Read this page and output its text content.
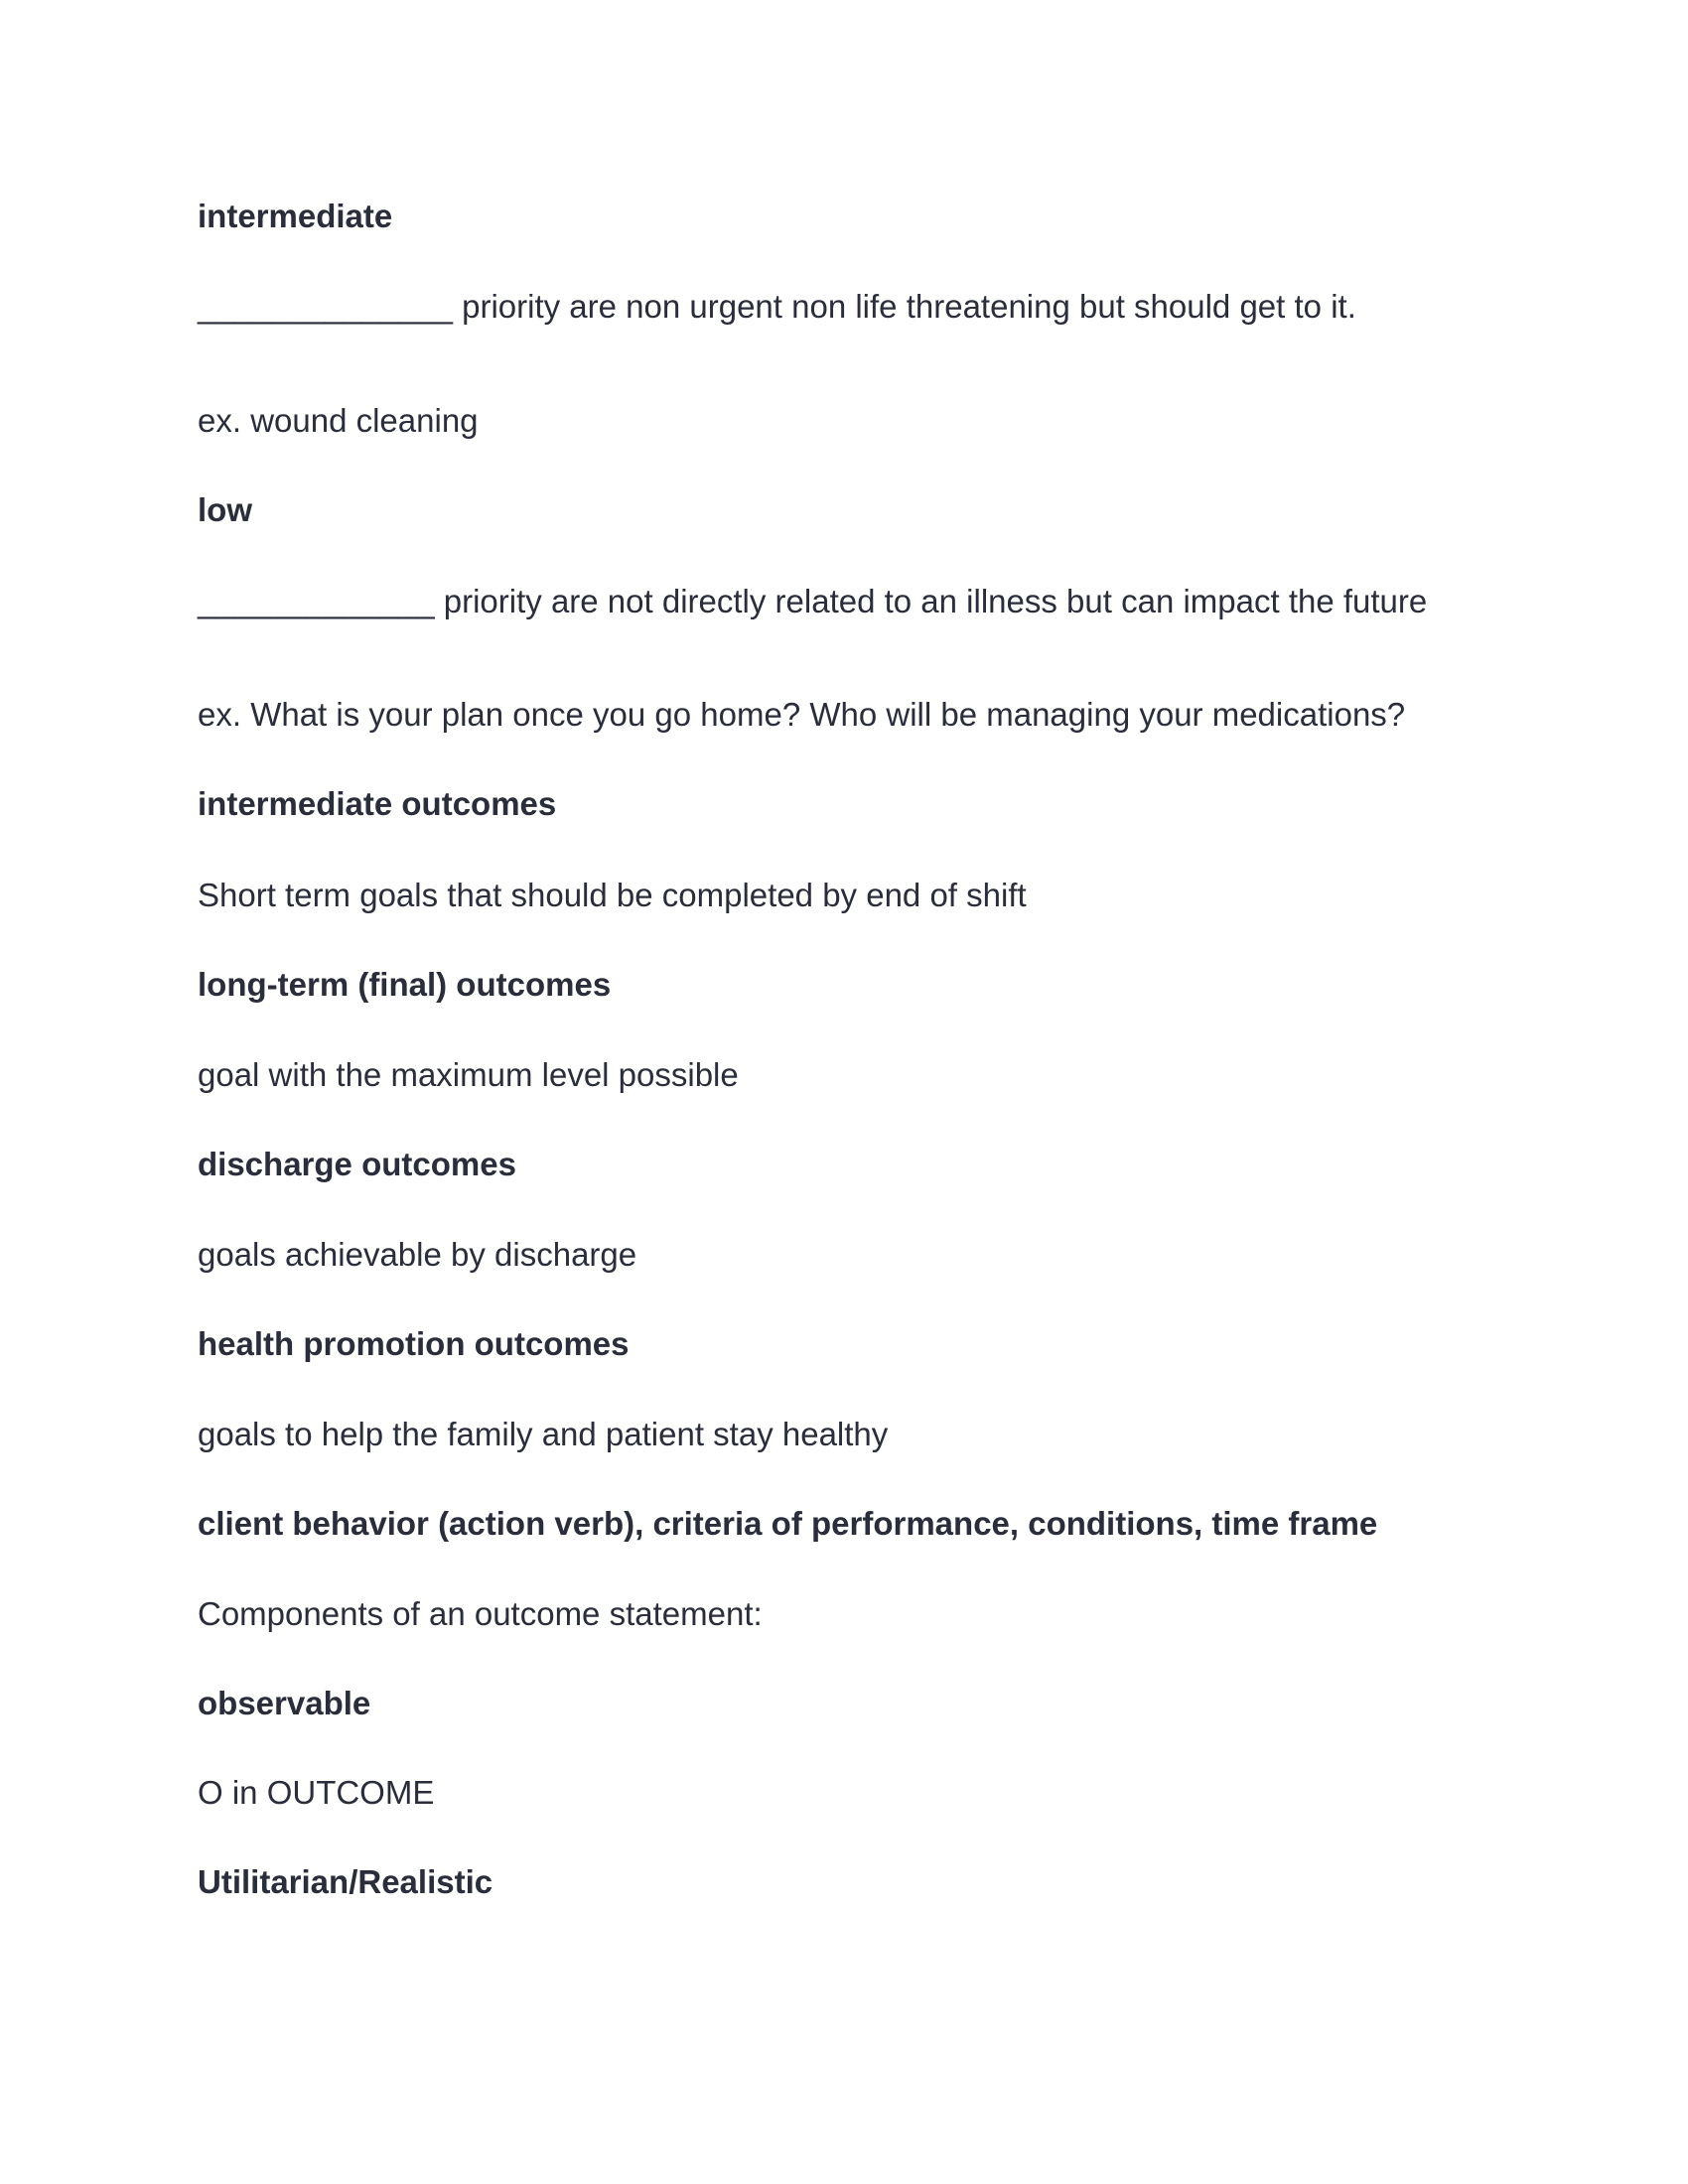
intermediate

______________ priority are non urgent non life threatening but should get to it.

ex. wound cleaning

low

_____________ priority are not directly related to an illness but can impact the future

ex. What is your plan once you go home? Who will be managing your medications?

intermediate outcomes

Short term goals that should be completed by end of shift

long-term (final) outcomes

goal with the maximum level possible

discharge outcomes

goals achievable by discharge

health promotion outcomes

goals to help the family and patient stay healthy

client behavior (action verb), criteria of performance, conditions, time frame

Components of an outcome statement:

observable

O in OUTCOME

Utilitarian/Realistic
